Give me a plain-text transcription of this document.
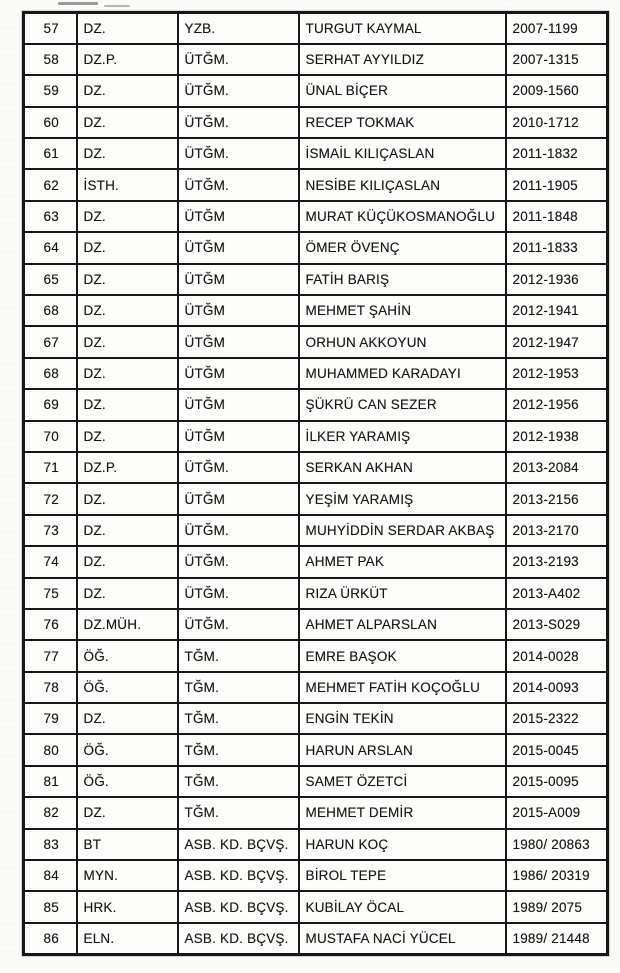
57	DZ.	YZB.	TURGUT KAYMAL	2007-1199
58	DZ.P.	ÜTĞM.	SERHAT AYYILDIZ	2007-1315
59	DZ.	ÜTĞM.	ÜNAL BİÇER	2009-1560
60	DZ.	ÜTĞM.	RECEP TOKMAK	2010-1712
61	DZ.	ÜTĞM.	İSMAİL KILIÇASLAN	2011-1832
62	İSTH.	ÜTĞM.	NESİBE KILIÇASLAN	2011-1905
63	DZ.	ÜTĞM	MURAT KÜÇÜKOSMANOĞLU	2011-1848
64	DZ.	ÜTĞM	ÖMER ÖVENÇ	2011-1833
65	DZ.	ÜTĞM	FATİH BARIŞ	2012-1936
68	DZ.	ÜTĞM	MEHMET ŞAHİN	2012-1941
67	DZ.	ÜTĞM	ORHUN AKKOYUN	2012-1947
68	DZ.	ÜTĞM	MUHAMMED KARADAYI	2012-1953
69	DZ.	ÜTĞM	ŞÜKRÜ CAN SEZER	2012-1956
70	DZ.	ÜTĞM	İLKER YARAMIŞ	2012-1938
71	DZ.P.	ÜTĞM.	SERKAN AKHAN	2013-2084
72	DZ.	ÜTĞM	YEŞİM YARAMIŞ	2013-2156
73	DZ.	ÜTĞM.	MUHYİDDİN SERDAR AKBAŞ	2013-2170
74	DZ.	ÜTĞM.	AHMET PAK	2013-2193
75	DZ.	ÜTĞM.	RIZA ÜRKÜT	2013-A402
76	DZ.MÜH.	ÜTĞM.	AHMET ALPARSLAN	2013-S029
77	ÖĞ.	TĞM.	EMRE BAŞOK	2014-0028
78	ÖĞ.	TĞM.	MEHMET FATİH KOÇOĞLU	2014-0093
79	DZ.	TĞM.	ENGİN TEKİN	2015-2322
80	ÖĞ.	TĞM.	HARUN ARSLAN	2015-0045
81	ÖĞ.	TĞM.	SAMET ÖZETCİ	2015-0095
82	DZ.	TĞM.	MEHMET DEMİR	2015-A009
83	BT	ASB. KD. BÇVŞ.	HARUN KOÇ	1980/ 20863
84	MYN.	ASB. KD. BÇVŞ.	BİROL TEPE	1986/ 20319
85	HRK.	ASB. KD. BÇVŞ.	KUBİLAY ÖCAL	1989/ 2075
86	ELN.	ASB. KD. BÇVŞ.	MUSTAFA NACİ YÜCEL	1989/ 21448
